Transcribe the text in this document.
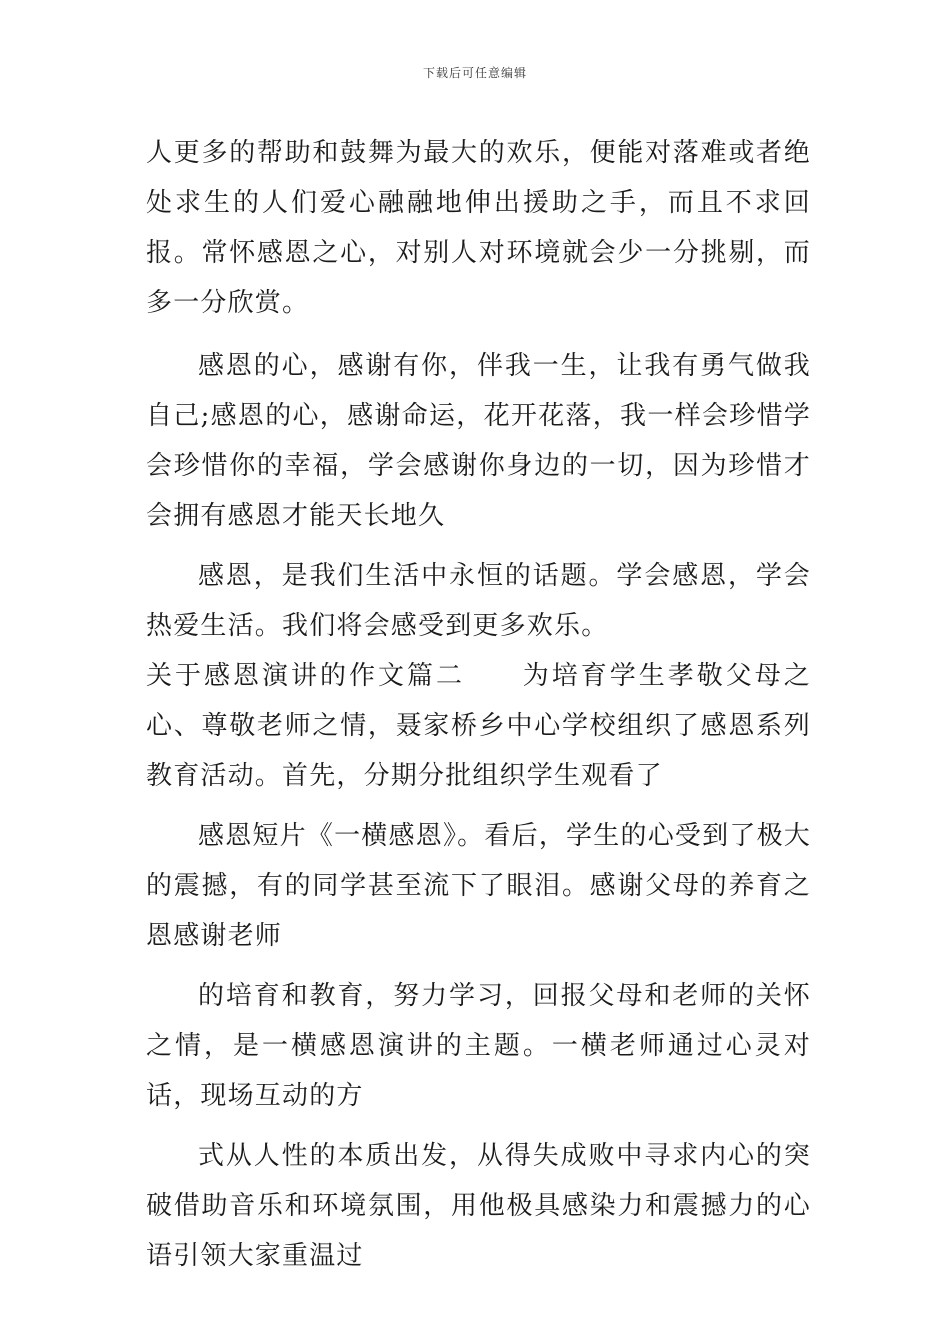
下载后可任意编辑

人更多的帮助和鼓舞为最大的欢乐，便能对落难或者绝处求生的人们爱心融融地伸出援助之手，而且不求回报。常怀感恩之心，对别人对环境就会少一分挑剔，而多一分欣赏。

感恩的心，感谢有你，伴我一生，让我有勇气做我自己;感恩的心，感谢命运，花开花落，我一样会珍惜学会珍惜你的幸福，学会感谢你身边的一切，因为珍惜才会拥有感恩才能天长地久

感恩，是我们生活中永恒的话题。学会感恩，学会热爱生活。我们将会感受到更多欢乐。

关于感恩演讲的作文篇二 为培育学生孝敬父母之心、尊敬老师之情，聂家桥乡中心学校组织了感恩系列教育活动。首先，分期分批组织学生观看了

感恩短片《一横感恩》。看后，学生的心受到了极大的震撼，有的同学甚至流下了眼泪。感谢父母的养育之恩感谢老师

的培育和教育，努力学习，回报父母和老师的关怀之情，是一横感恩演讲的主题。一横老师通过心灵对话，现场互动的方

式从人性的本质出发，从得失成败中寻求内心的突破借助音乐和环境氛围，用他极具感染力和震撼力的心语引领大家重温过
